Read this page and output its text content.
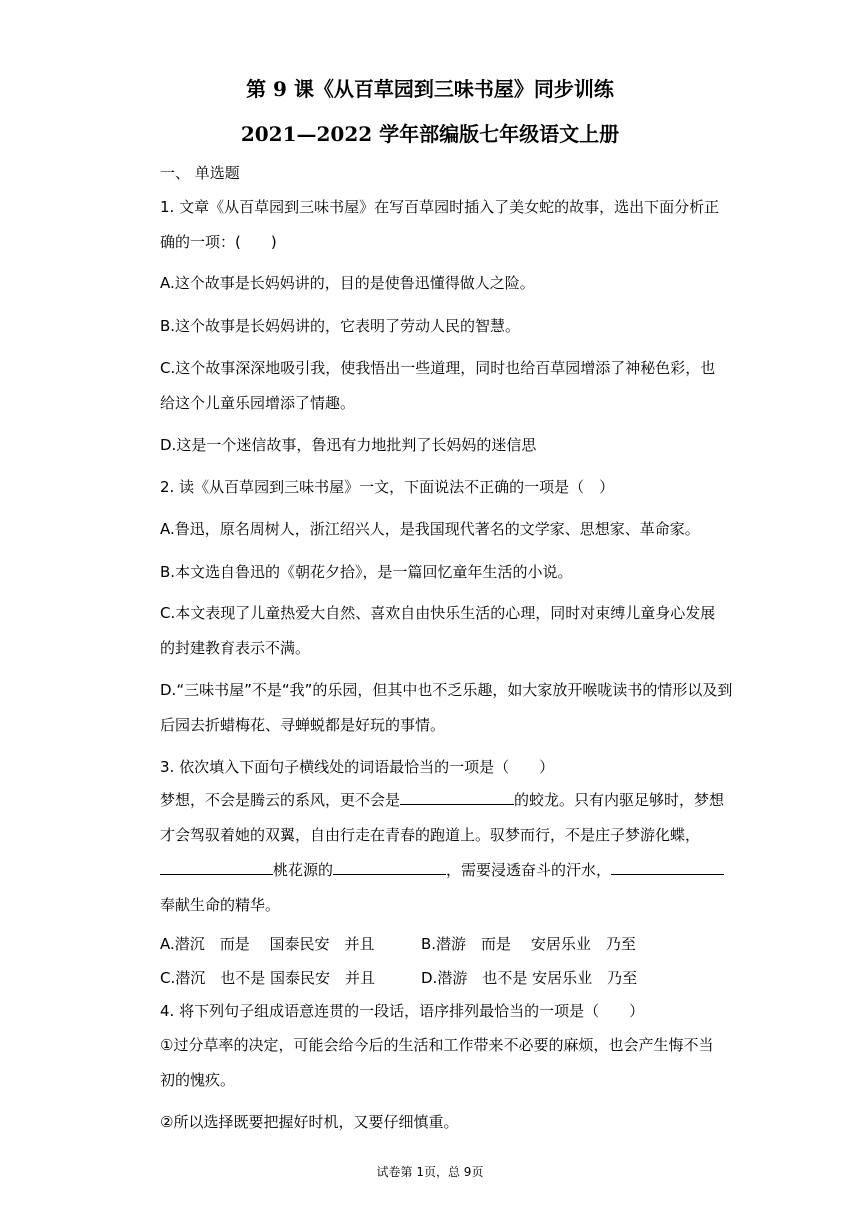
第 9 课《从百草园到三味书屋》同步训练
2021—2022 学年部编版七年级语文上册
一、 单选题
1. 文章《从百草园到三味书屋》在写百草园时插入了美女蛇的故事，选出下面分析正
确的一项：(　　)
A.这个故事是长妈妈讲的，目的是使鲁迅懂得做人之险。
B.这个故事是长妈妈讲的，它表明了劳动人民的智慧。
C.这个故事深深地吸引我，使我悟出一些道理，同时也给百草园增添了神秘色彩，也
给这个儿童乐园增添了情趣。
D.这是一个迷信故事，鲁迅有力地批判了长妈妈的迷信思
2. 读《从百草园到三味书屋》一文，下面说法不正确的一项是（　）
A.鲁迅，原名周树人，浙江绍兴人，是我国现代著名的文学家、思想家、革命家。
B.本文选自鲁迅的《朝花夕拾》，是一篇回忆童年生活的小说。
C.本文表现了儿童热爱大自然、喜欢自由快乐生活的心理，同时对束缚儿童身心发展
的封建教育表示不满。
D.“三味书屋”不是“我”的乐园，但其中也不乏乐趣，如大家放开喉咙读书的情形以及到
后园去折蜡梅花、寻蝉蜕都是好玩的事情。
3. 依次填入下面句子横线处的词语最恰当的一项是（　　）
梦想，不会是腾云的系风，更不会是	的蛟龙。只有内驱足够时，梦想
才会驾驭着她的双翼，自由行走在青春的跑道上。驭梦而行，不是庄子梦游化蝶，
桃花源的	，需要浸透奋斗的汗水，
奉献生命的精华。
A.潜沉　而是　 国泰民安　并且	B.潜游　而是　 安居乐业　乃至
C.潜沉　也不是 国泰民安　并且	D.潜游　也不是 安居乐业　乃至
4. 将下列句子组成语意连贯的一段话，语序排列最恰当的一项是（　　）
①过分草率的决定，可能会给今后的生活和工作带来不必要的麻烦，也会产生悔不当
初的愧疚。
②所以选择既要把握好时机，又要仔细慎重。
试卷第 1页，总 9页
